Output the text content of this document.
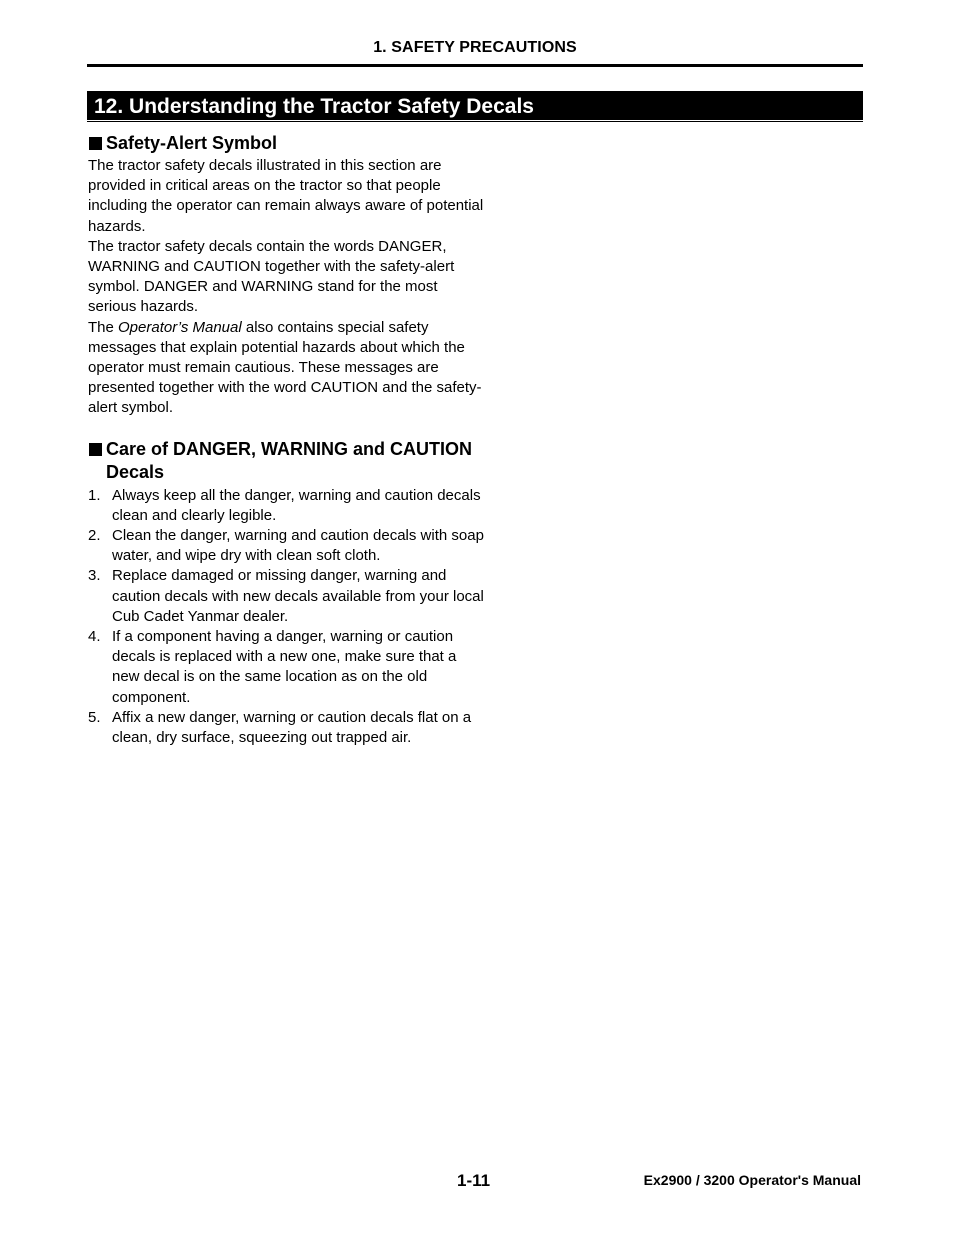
1. SAFETY PRECAUTIONS
12. Understanding the Tractor Safety Decals
Safety-Alert Symbol

The tractor safety decals illustrated in this section are provided in critical areas on the tractor so that people including the operator can remain always aware of potential hazards.

The tractor safety decals contain the words DANGER, WARNING and CAUTION together with the safety-alert symbol. DANGER and WARNING stand for the most serious hazards.

The Operator’s Manual also contains special safety messages that explain potential hazards about which the operator must remain cautious. These messages are presented together with the word CAUTION and the safety-alert symbol.

Care of DANGER, WARNING and CAUTION
Decals
1. Always keep all the danger, warning and caution decals clean and clearly legible.
2. Clean the danger, warning and caution decals with soap water, and wipe dry with clean soft cloth.
3. Replace damaged or missing danger, warning and caution decals with new decals available from your local Cub Cadet Yanmar dealer.
4. If a component having a danger, warning or caution decals is replaced with a new one, make sure that a new decal is on the same location as on the old component.
5. Affix a new danger, warning or caution decals flat on a clean, dry surface, squeezing out trapped air.
1-11	Ex2900 / 3200 Operator's Manual
